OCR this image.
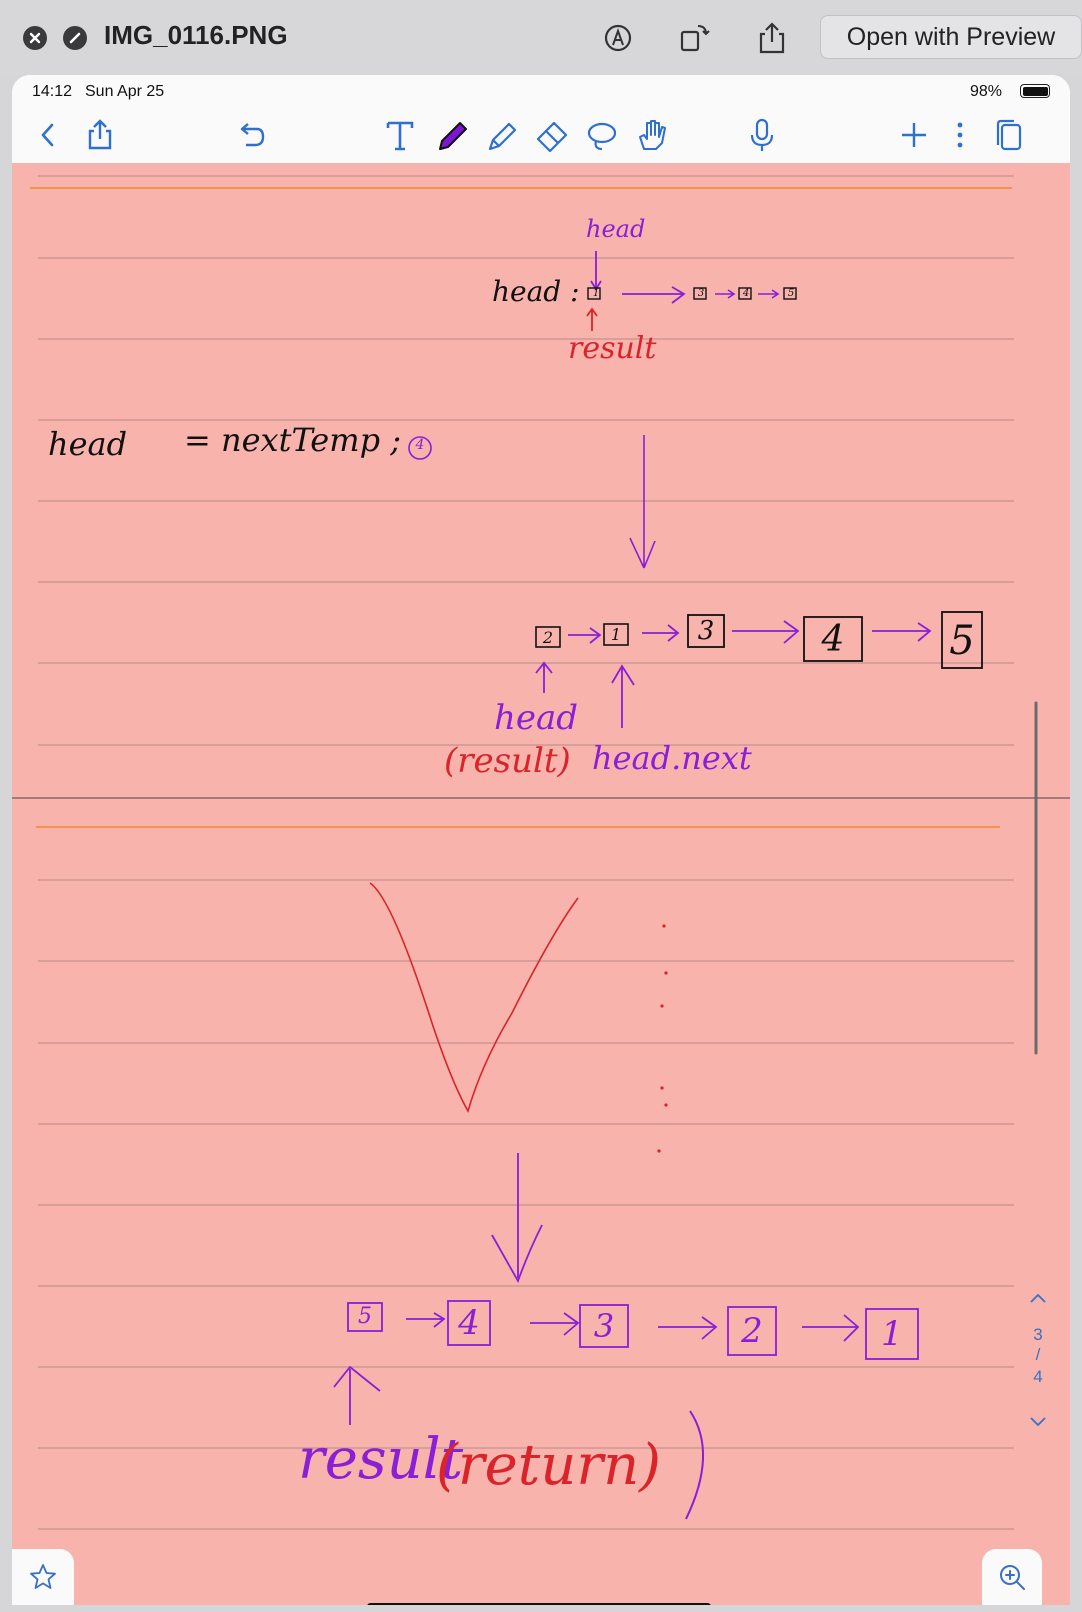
IMG_0116.PNG	Open with Preview
14:12 Sun Apr 25	98%
head
head : 1	3	4	5
result
head = nextTemp ;	4
2	1	3	4	5
head
(result) head.next
5	4	3	2	1
result
(return)
3
/
4
